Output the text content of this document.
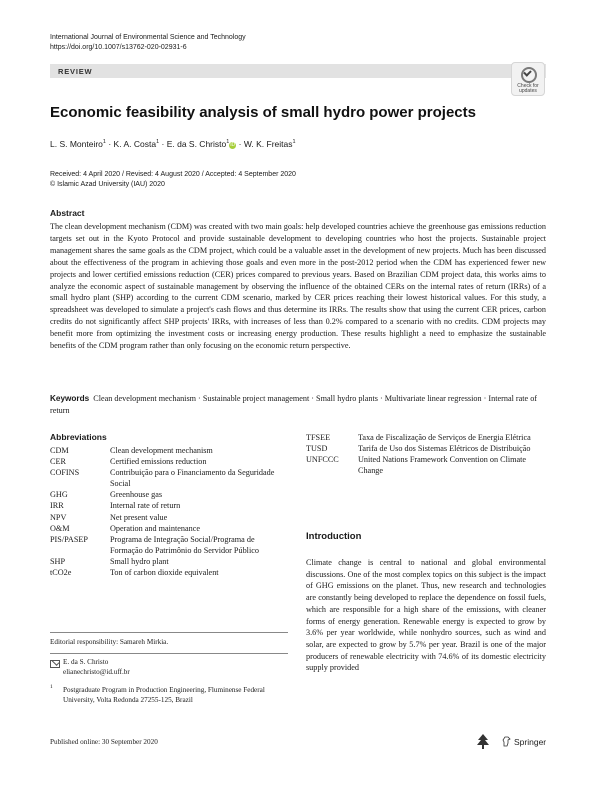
International Journal of Environmental Science and Technology
https://doi.org/10.1007/s13762-020-02931-6
REVIEW
Check for
updates
Economic feasibility analysis of small hydro power projects
L. S. Monteiro$^1$ · K. A. Costa$^1$ · E. da S. Christo$^1$iD · W. K. Freitas$^1$
Received: 4 April 2020 / Revised: 4 August 2020 / Accepted: 4 September 2020
© Islamic Azad University (IAU) 2020
Abstract
The clean development mechanism (CDM) was created with two main goals: help developed countries achieve the greenhouse gas emissions reduction targets set out in the Kyoto Protocol and provide sustainable development to developing countries who host the projects. Sustainable project management shares the same goals as the CDM project, which could be a valuable asset in the development of new projects. Much has been discussed about the effectiveness of the program in achieving those goals and even more in the post-2012 period when the CDM has experienced fewer new projects and lower certified emissions reduction (CER) prices compared to previous years. Based on Brazilian CDM project data, this works aims to analyze the economic aspect of sustainable management by observing the influence of the obtained CERs on the internal rates of return (IRRs) of a small hydro plant (SHP) according to the current CDM scenario, marked by CER prices reaching their lowest historical values. For this study, a spreadsheet was developed to simulate a project's cash flows and thus determine its IRRs. The results show that using the current CER prices, carbon credits do not significantly affect SHP projects' IRRs, with increases of less than 0.2% compared to a scenario with no credits. CDM projects may benefit more from optimizing the investment costs or increasing energy production. These results highlight a need to emphasize the sustainable benefits of the CDM program rather than only focusing on the economic return perspective.
Keywords Clean development mechanism · Sustainable project management · Small hydro plants · Multivariate linear regression · Internal rate of return
Abbreviations
CDM	Clean development mechanism
CER	Certified emissions reduction
COFINS	Contribuição para o Financiamento da Seguridade Social
GHG	Greenhouse gas
IRR	Internal rate of return
NPV	Net present value
O&M	Operation and maintenance
PIS/PASEP	Programa de Integração Social/Programa de Formação do Patrimônio do Servidor Público
SHP	Small hydro plant
tCO2e	Ton of carbon dioxide equivalent
TFSEE	Taxa de Fiscalização de Serviços de Energia Elétrica
TUSD	Tarifa de Uso dos Sistemas Elétricos de Distribuição
UNFCCC	United Nations Framework Convention on Climate Change
Introduction
Climate change is central to national and global environmental discussions. One of the most complex topics on this subject is the impact of GHG emissions on the planet. Thus, new research and technologies are constantly being developed to replace the dependence on fossil fuels, which are responsible for a high share of the emissions, with cleaner forms of energy generation. Renewable energy is expected to grow by 3.6% per year worldwide, while nonhydro sources, such as wind and solar, are expected to grow by 5.7% per year. Brazil is one of the major producers of renewable electricity with 74.6% of its domestic electricity supply provided
Editorial responsibility: Samareh Mirkia.
E. da S. Christo
elianechristo@id.uff.br
1 Postgraduate Program in Production Engineering, Fluminense Federal University, Volta Redonda 27255-125, Brazil
Published online: 30 September 2020	Springer
